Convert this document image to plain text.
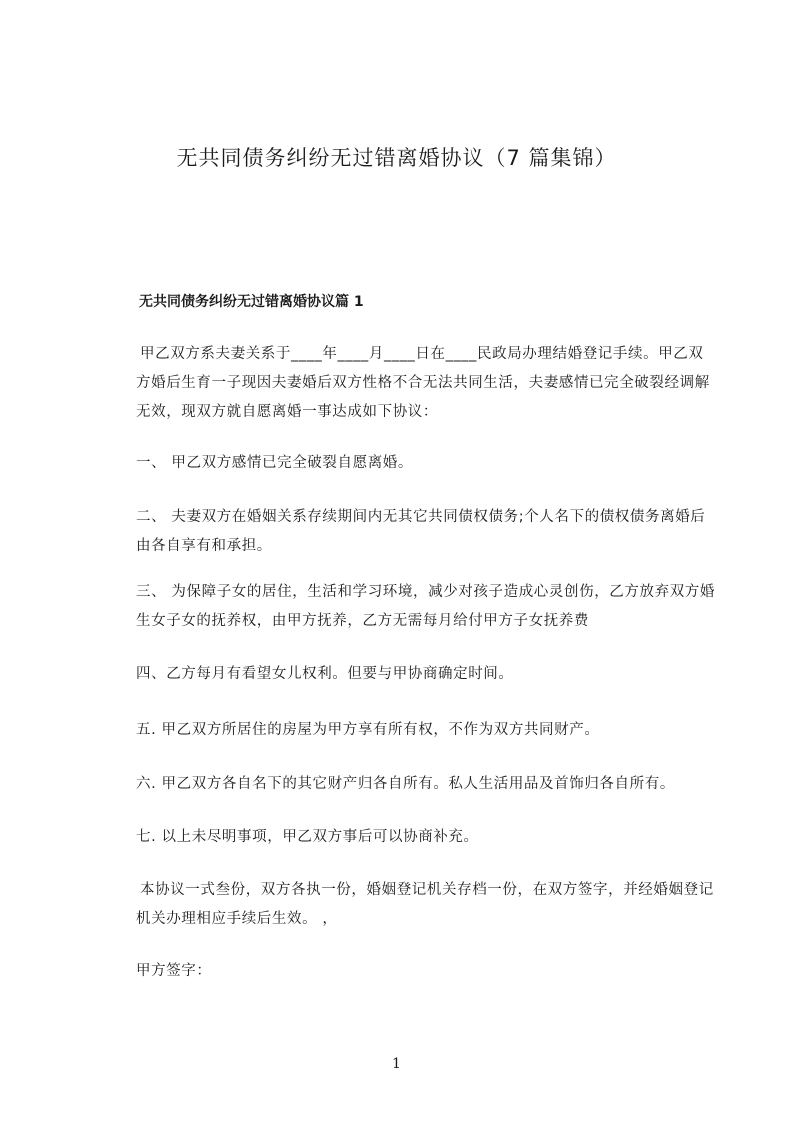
无共同债务纠纷无过错离婚协议（7 篇集锦）
无共同债务纠纷无过错离婚协议篇 1

甲乙双方系夫妻关系于____年____月____日在____民政局办理结婚登记手续。甲乙双方婚后生育一子现因夫妻婚后双方性格不合无法共同生活，夫妻感情已完全破裂经调解无效，现双方就自愿离婚一事达成如下协议：

一、 甲乙双方感情已完全破裂自愿离婚。

二、 夫妻双方在婚姻关系存续期间内无其它共同债权债务;个人名下的债权债务离婚后由各自享有和承担。

三、 为保障子女的居住，生活和学习环境，减少对孩子造成心灵创伤，乙方放弃双方婚生女子女的抚养权，由甲方抚养，乙方无需每月给付甲方子女抚养费

四、乙方每月有看望女儿权利。但要与甲协商确定时间。

五. 甲乙双方所居住的房屋为甲方享有所有权，不作为双方共同财产。

六. 甲乙双方各自名下的其它财产归各自所有。私人生活用品及首饰归各自所有。

七. 以上未尽明事项，甲乙双方事后可以协商补充。

本协议一式叁份，双方各执一份，婚姻登记机关存档一份，在双方签字，并经婚姻登记机关办理相应手续后生效。 ，

甲方签字：

1
